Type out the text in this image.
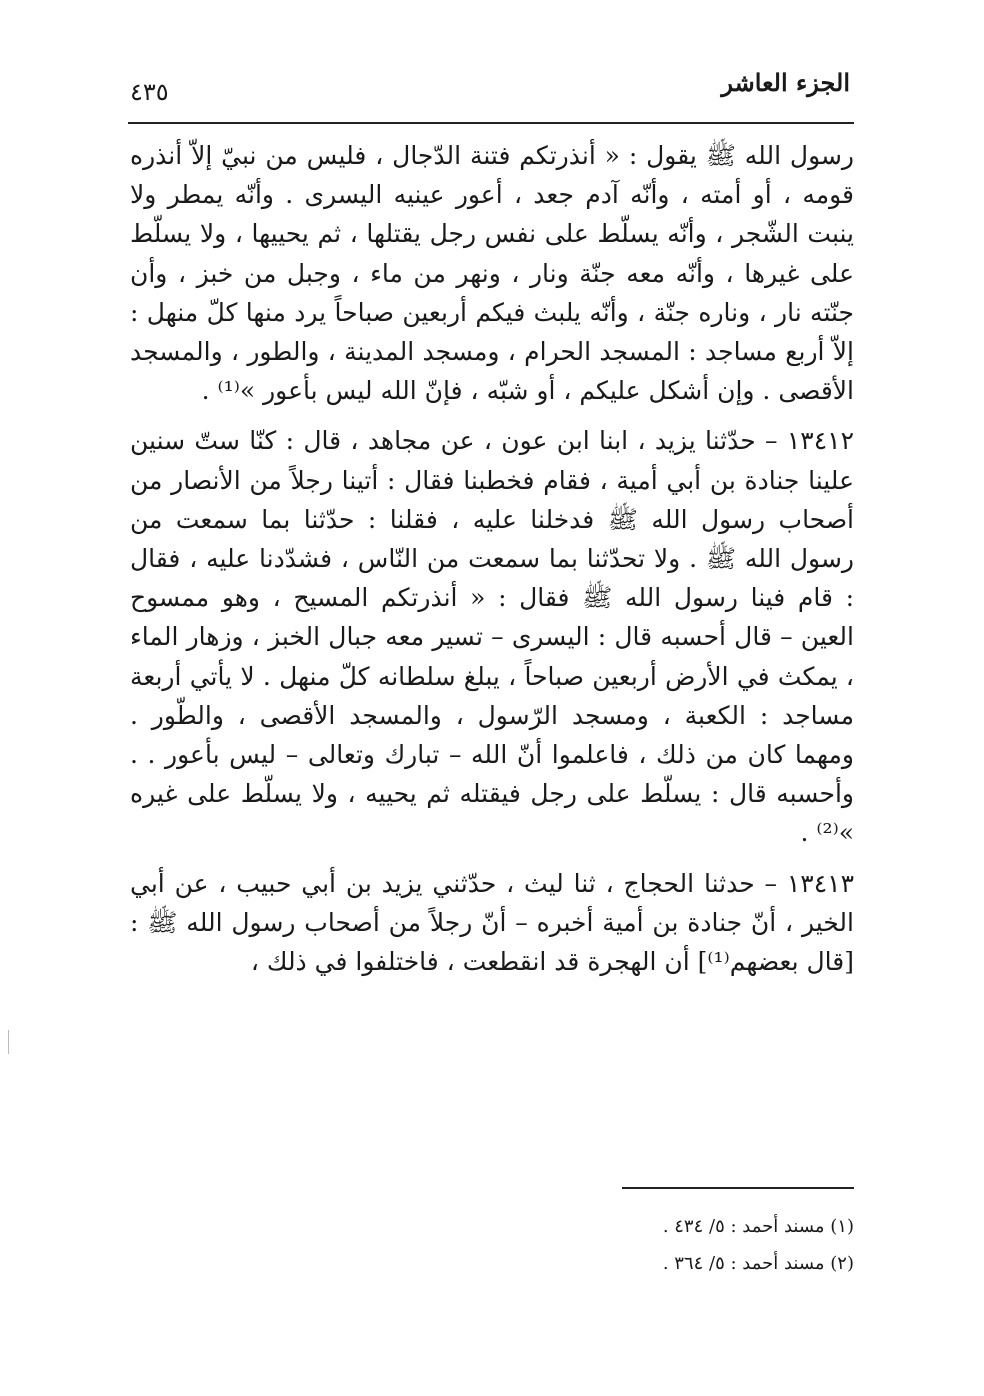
الجزء العاشر
٤٣٥

رسول الله ﷺ يقول : « أنذرتكم فتنة الدّجال ، فليس من نبيّ إلاّ أنذره قومه ، أو أمته ، وأنّه آدم جعد ، أعور عينيه اليسرى . وأنّه يمطر ولا ينبت الشّجر ، وأنّه يسلّط على نفس رجل يقتلها ، ثم يحييها ، ولا يسلّط على غيرها ، وأنّه معه جنّة ونار ، ونهر من ماء ، وجبل من خبز ، وأن جنّته نار ، وناره جنّة ، وأنّه يلبث فيكم أربعين صباحاً يرد منها كلّ منهل : إلاّ أربع مساجد : المسجد الحرام ، ومسجد المدينة ، والطور ، والمسجد الأقصى . وإن أشكل عليكم ، أو شبّه ، فإنّ الله ليس بأعور »⁽¹⁾ .

١٣٤١٢ – حدّثنا يزيد ، ابنا ابن عون ، عن مجاهد ، قال : كنّا ستّ سنين علينا جنادة بن أبي أمية ، فقام فخطبنا فقال : أتينا رجلاً من الأنصار من أصحاب رسول الله ﷺ فدخلنا عليه ، فقلنا : حدّثنا بما سمعت من رسول الله ﷺ . ولا تحدّثنا بما سمعت من النّاس ، فشدّدنا عليه ، فقال : قام فينا رسول الله ﷺ فقال : « أنذرتكم المسيح ، وهو ممسوح العين – قال أحسبه قال : اليسرى – تسير معه جبال الخبز ، وزهار الماء ، يمكث في الأرض أربعين صباحاً ، يبلغ سلطانه كلّ منهل . لا يأتي أربعة مساجد : الكعبة ، ومسجد الرّسول ، والمسجد الأقصى ، والطّور . ومهما كان من ذلك ، فاعلموا أنّ الله – تبارك وتعالى – ليس بأعور . . وأحسبه قال : يسلّط على رجل فيقتله ثم يحييه ، ولا يسلّط على غيره »⁽²⁾ .

١٣٤١٣ – حدثنا الحجاج ، ثنا ليث ، حدّثني يزيد بن أبي حبيب ، عن أبي الخير ، أنّ جنادة بن أمية أخبره – أنّ رجلاً من أصحاب رسول الله ﷺ : [قال بعضهم⁽¹⁾] أن الهجرة قد انقطعت ، فاختلفوا في ذلك ،

(١) مسند أحمد : ٥/ ٤٣٤ .
(٢) مسند أحمد : ٥/ ٣٦٤ .
